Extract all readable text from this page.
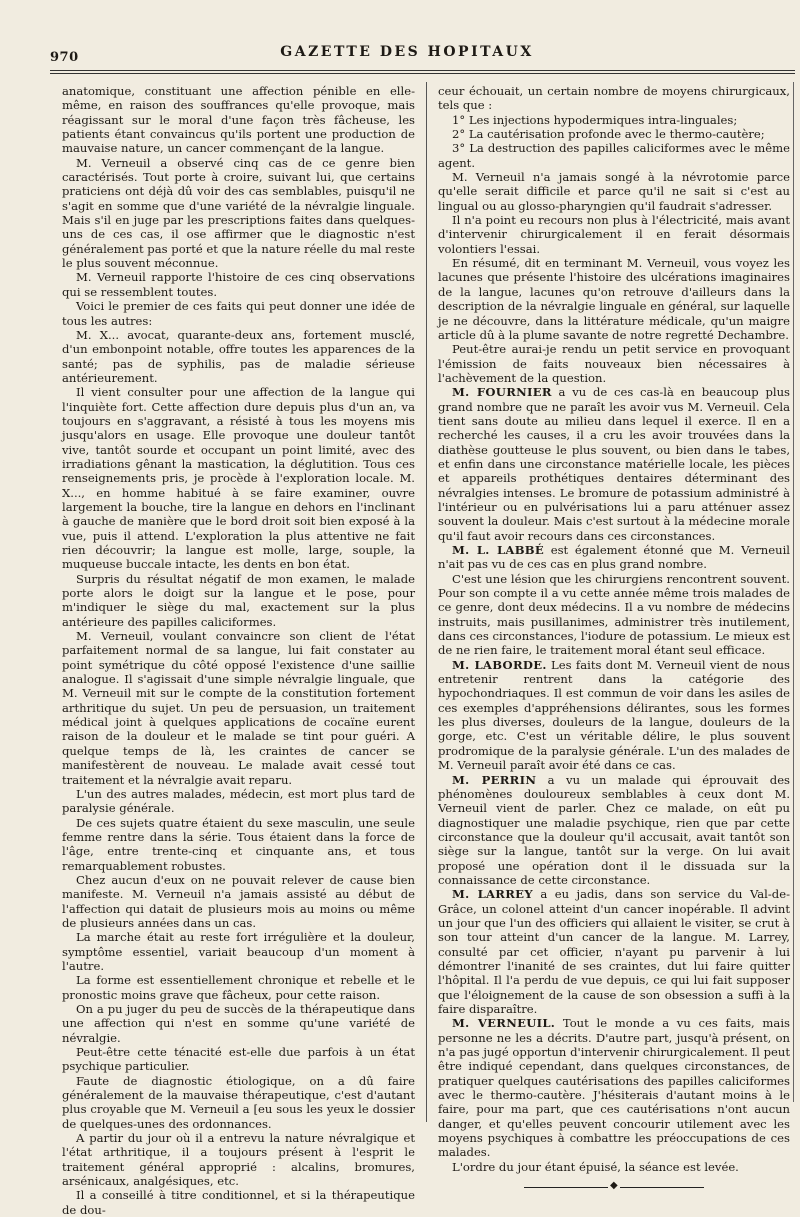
970	GAZETTE DES HOPITAUX

anatomique, constituant une affection pénible en elle-même, en raison des souffrances qu'elle provoque, mais réagissant sur le moral d'une façon très fâcheuse, les patients étant convaincus qu'ils portent une production de mauvaise nature, un cancer commençant de la langue.

M. Verneuil a observé cinq cas de ce genre bien caractérisés. Tout porte à croire, suivant lui, que certains praticiens ont déjà dû voir des cas semblables, puisqu'il ne s'agit en somme que d'une variété de la névralgie linguale. Mais s'il en juge par les prescriptions faites dans quelques-uns de ces cas, il ose affirmer que le diagnostic n'est généralement pas porté et que la nature réelle du mal reste le plus souvent méconnue.

M. Verneuil rapporte l'histoire de ces cinq observations qui se ressemblent toutes.

Voici le premier de ces faits qui peut donner une idée de tous les autres:

M. X... avocat, quarante-deux ans, fortement musclé, d'un embonpoint notable, offre toutes les apparences de la santé; pas de syphilis, pas de maladie sérieuse antérieurement.

Il vient consulter pour une affection de la langue qui l'inquiète fort. Cette affection dure depuis plus d'un an, va toujours en s'aggravant, a résisté à tous les moyens mis jusqu'alors en usage. Elle provoque une douleur tantôt vive, tantôt sourde et occupant un point limité, avec des irradiations gênant la mastication, la déglutition. Tous ces renseignements pris, je procède à l'exploration locale. M. X..., en homme habitué à se faire examiner, ouvre largement la bouche, tire la langue en dehors en l'inclinant à gauche de manière que le bord droit soit bien exposé à la vue, puis il attend. L'exploration la plus attentive ne fait rien découvrir; la langue est molle, large, souple, la muqueuse buccale intacte, les dents en bon état.

Surpris du résultat négatif de mon examen, le malade porte alors le doigt sur la langue et le pose, pour m'indiquer le siège du mal, exactement sur la plus antérieure des papilles caliciformes.

M. Verneuil, voulant convaincre son client de l'état parfaitement normal de sa langue, lui fait constater au point symétrique du côté opposé l'existence d'une saillie analogue. Il s'agissait d'une simple névralgie linguale, que M. Verneuil mit sur le compte de la constitution fortement arthritique du sujet. Un peu de persuasion, un traitement médical joint à quelques applications de cocaïne eurent raison de la douleur et le malade se tint pour guéri. A quelque temps de là, les craintes de cancer se manifestèrent de nouveau. Le malade avait cessé tout traitement et la névralgie avait reparu.

L'un des autres malades, médecin, est mort plus tard de paralysie générale.

De ces sujets quatre étaient du sexe masculin, une seule femme rentre dans la série. Tous étaient dans la force de l'âge, entre trente-cinq et cinquante ans, et tous remarquablement robustes.

Chez aucun d'eux on ne pouvait relever de cause bien manifeste. M. Verneuil n'a jamais assisté au début de l'affection qui datait de plusieurs mois au moins ou même de plusieurs années dans un cas.

La marche était au reste fort irrégulière et la douleur, symptôme essentiel, variait beaucoup d'un moment à l'autre.

La forme est essentiellement chronique et rebelle et le pronostic moins grave que fâcheux, pour cette raison.

On a pu juger du peu de succès de la thérapeutique dans une affection qui n'est en somme qu'une variété de névralgie.

Peut-être cette ténacité est-elle due parfois à un état psychique particulier.

Faute de diagnostic étiologique, on a dû faire généralement de la mauvaise thérapeutique, c'est d'autant plus croyable que M. Verneuil a [eu sous les yeux le dossier de quelques-unes des ordonnances.

A partir du jour où il a entrevu la nature névralgique et l'état arthritique, il a toujours présent à l'esprit le traitement général approprié : alcalins, bromures, arsénicaux, analgésiques, etc.

Il a conseillé à titre conditionnel, et si la thérapeutique de dou-

ceur échouait, un certain nombre de moyens chirurgicaux, tels que :

1° Les injections hypodermiques intra-linguales;
2° La cautérisation profonde avec le thermo-cautère;
3° La destruction des papilles caliciformes avec le même agent.

M. Verneuil n'a jamais songé à la névrotomie parce qu'elle serait difficile et parce qu'il ne sait si c'est au lingual ou au glosso-pharyngien qu'il faudrait s'adresser.

Il n'a point eu recours non plus à l'électricité, mais avant d'intervenir chirurgicalement il en ferait désormais volontiers l'essai.

En résumé, dit en terminant M. Verneuil, vous voyez les lacunes que présente l'histoire des ulcérations imaginaires de la langue, lacunes qu'on retrouve d'ailleurs dans la description de la névralgie linguale en général, sur laquelle je ne découvre, dans la littérature médicale, qu'un maigre article dû à la plume savante de notre regretté Dechambre.

Peut-être aurai-je rendu un petit service en provoquant l'émission de faits nouveaux bien nécessaires à l'achèvement de la question.

M. FOURNIER a vu de ces cas-là en beaucoup plus grand nombre que ne paraît les avoir vus M. Verneuil. Cela tient sans doute au milieu dans lequel il exerce. Il en a recherché les causes, il a cru les avoir trouvées dans la diathèse goutteuse le plus souvent, ou bien dans le tabes, et enfin dans une circonstance matérielle locale, les pièces et appareils prothétiques dentaires déterminant des névralgies intenses. Le bromure de potassium administré à l'intérieur ou en pulvérisations lui a paru atténuer assez souvent la douleur. Mais c'est surtout à la médecine morale qu'il faut avoir recours dans ces circonstances.

M. L. LABBÉ est également étonné que M. Verneuil n'ait pas vu de ces cas en plus grand nombre.

C'est une lésion que les chirurgiens rencontrent souvent. Pour son compte il a vu cette année même trois malades de ce genre, dont deux médecins. Il a vu nombre de médecins instruits, mais pusillanimes, administrer très inutilement, dans ces circonstances, l'iodure de potassium. Le mieux est de ne rien faire, le traitement moral étant seul efficace.

M. LABORDE. Les faits dont M. Verneuil vient de nous entretenir rentrent dans la catégorie des hypochondriaques. Il est commun de voir dans les asiles de ces exemples d'appréhensions délirantes, sous les formes les plus diverses, douleurs de la langue, douleurs de la gorge, etc. C'est un véritable délire, le plus souvent prodromique de la paralysie générale. L'un des malades de M. Verneuil paraît avoir été dans ce cas.

M. PERRIN a vu un malade qui éprouvait des phénomènes douloureux semblables à ceux dont M. Verneuil vient de parler. Chez ce malade, on eût pu diagnostiquer une maladie psychique, rien que par cette circonstance que la douleur qu'il accusait, avait tantôt son siège sur la langue, tantôt sur la verge. On lui avait proposé une opération dont il le dissuada sur la connaissance de cette circonstance.

M. LARREY a eu jadis, dans son service du Val-de-Grâce, un colonel atteint d'un cancer inopérable. Il advint un jour que l'un des officiers qui allaient le visiter, se crut à son tour atteint d'un cancer de la langue. M. Larrey, consulté par cet officier, n'ayant pu parvenir à lui démontrer l'inanité de ses craintes, dut lui faire quitter l'hôpital. Il l'a perdu de vue depuis, ce qui lui fait supposer que l'éloignement de la cause de son obsession a suffi à la faire disparaître.

M. VERNEUIL. Tout le monde a vu ces faits, mais personne ne les a décrits. D'autre part, jusqu'à présent, on n'a pas jugé opportun d'intervenir chirurgicalement. Il peut être indiqué cependant, dans quelques circonstances, de pratiquer quelques cautérisations des papilles caliciformes avec le thermo-cautère. J'hésiterais d'autant moins à le faire, pour ma part, que ces cautérisations n'ont aucun danger, et qu'elles peuvent concourir utilement avec les moyens psychiques à combattre les préoccupations de ces malades.

L'ordre du jour étant épuisé, la séance est levée.

◆
